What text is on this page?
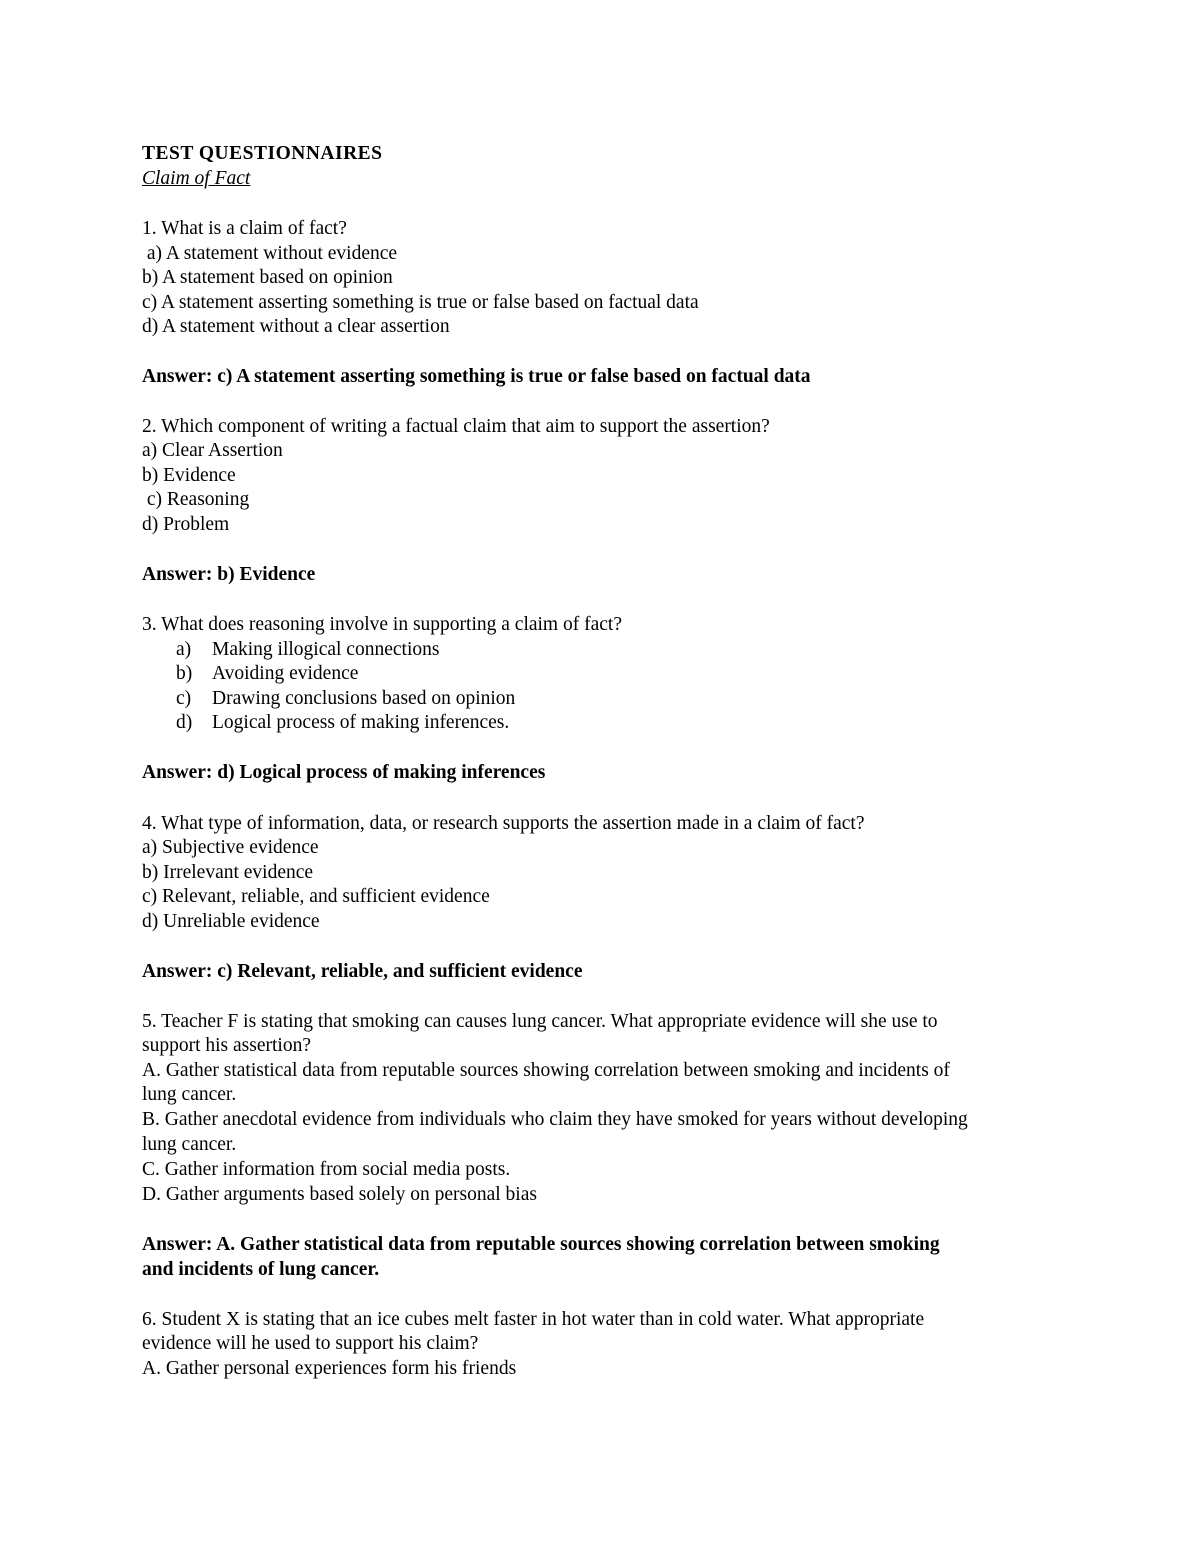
TEST QUESTIONNAIRES
Claim of Fact
1. What is a claim of fact?
a) A statement without evidence
b) A statement based on opinion
c) A statement asserting something is true or false based on factual data
d) A statement without a clear assertion
Answer: c) A statement asserting something is true or false based on factual data
2. Which component of writing a factual claim that aim to support the assertion?
a) Clear Assertion
b) Evidence
c) Reasoning
d) Problem
Answer: b) Evidence
3. What does reasoning involve in supporting a claim of fact?
a) Making illogical connections
b) Avoiding evidence
c) Drawing conclusions based on opinion
d) Logical process of making inferences.
Answer: d) Logical process of making inferences
4. What type of information, data, or research supports the assertion made in a claim of fact?
a) Subjective evidence
b) Irrelevant evidence
c) Relevant, reliable, and sufficient evidence
d) Unreliable evidence
Answer: c) Relevant, reliable, and sufficient evidence
5. Teacher F is stating that smoking can causes lung cancer. What appropriate evidence will she use to
support his assertion?
A. Gather statistical data from reputable sources showing correlation between smoking and incidents of
lung cancer.
B. Gather anecdotal evidence from individuals who claim they have smoked for years without developing
lung cancer.
C. Gather information from social media posts.
D. Gather arguments based solely on personal bias
Answer: A. Gather statistical data from reputable sources showing correlation between smoking
and incidents of lung cancer.
6. Student X is stating that an ice cubes melt faster in hot water than in cold water. What appropriate
evidence will he used to support his claim?
A. Gather personal experiences form his friends
